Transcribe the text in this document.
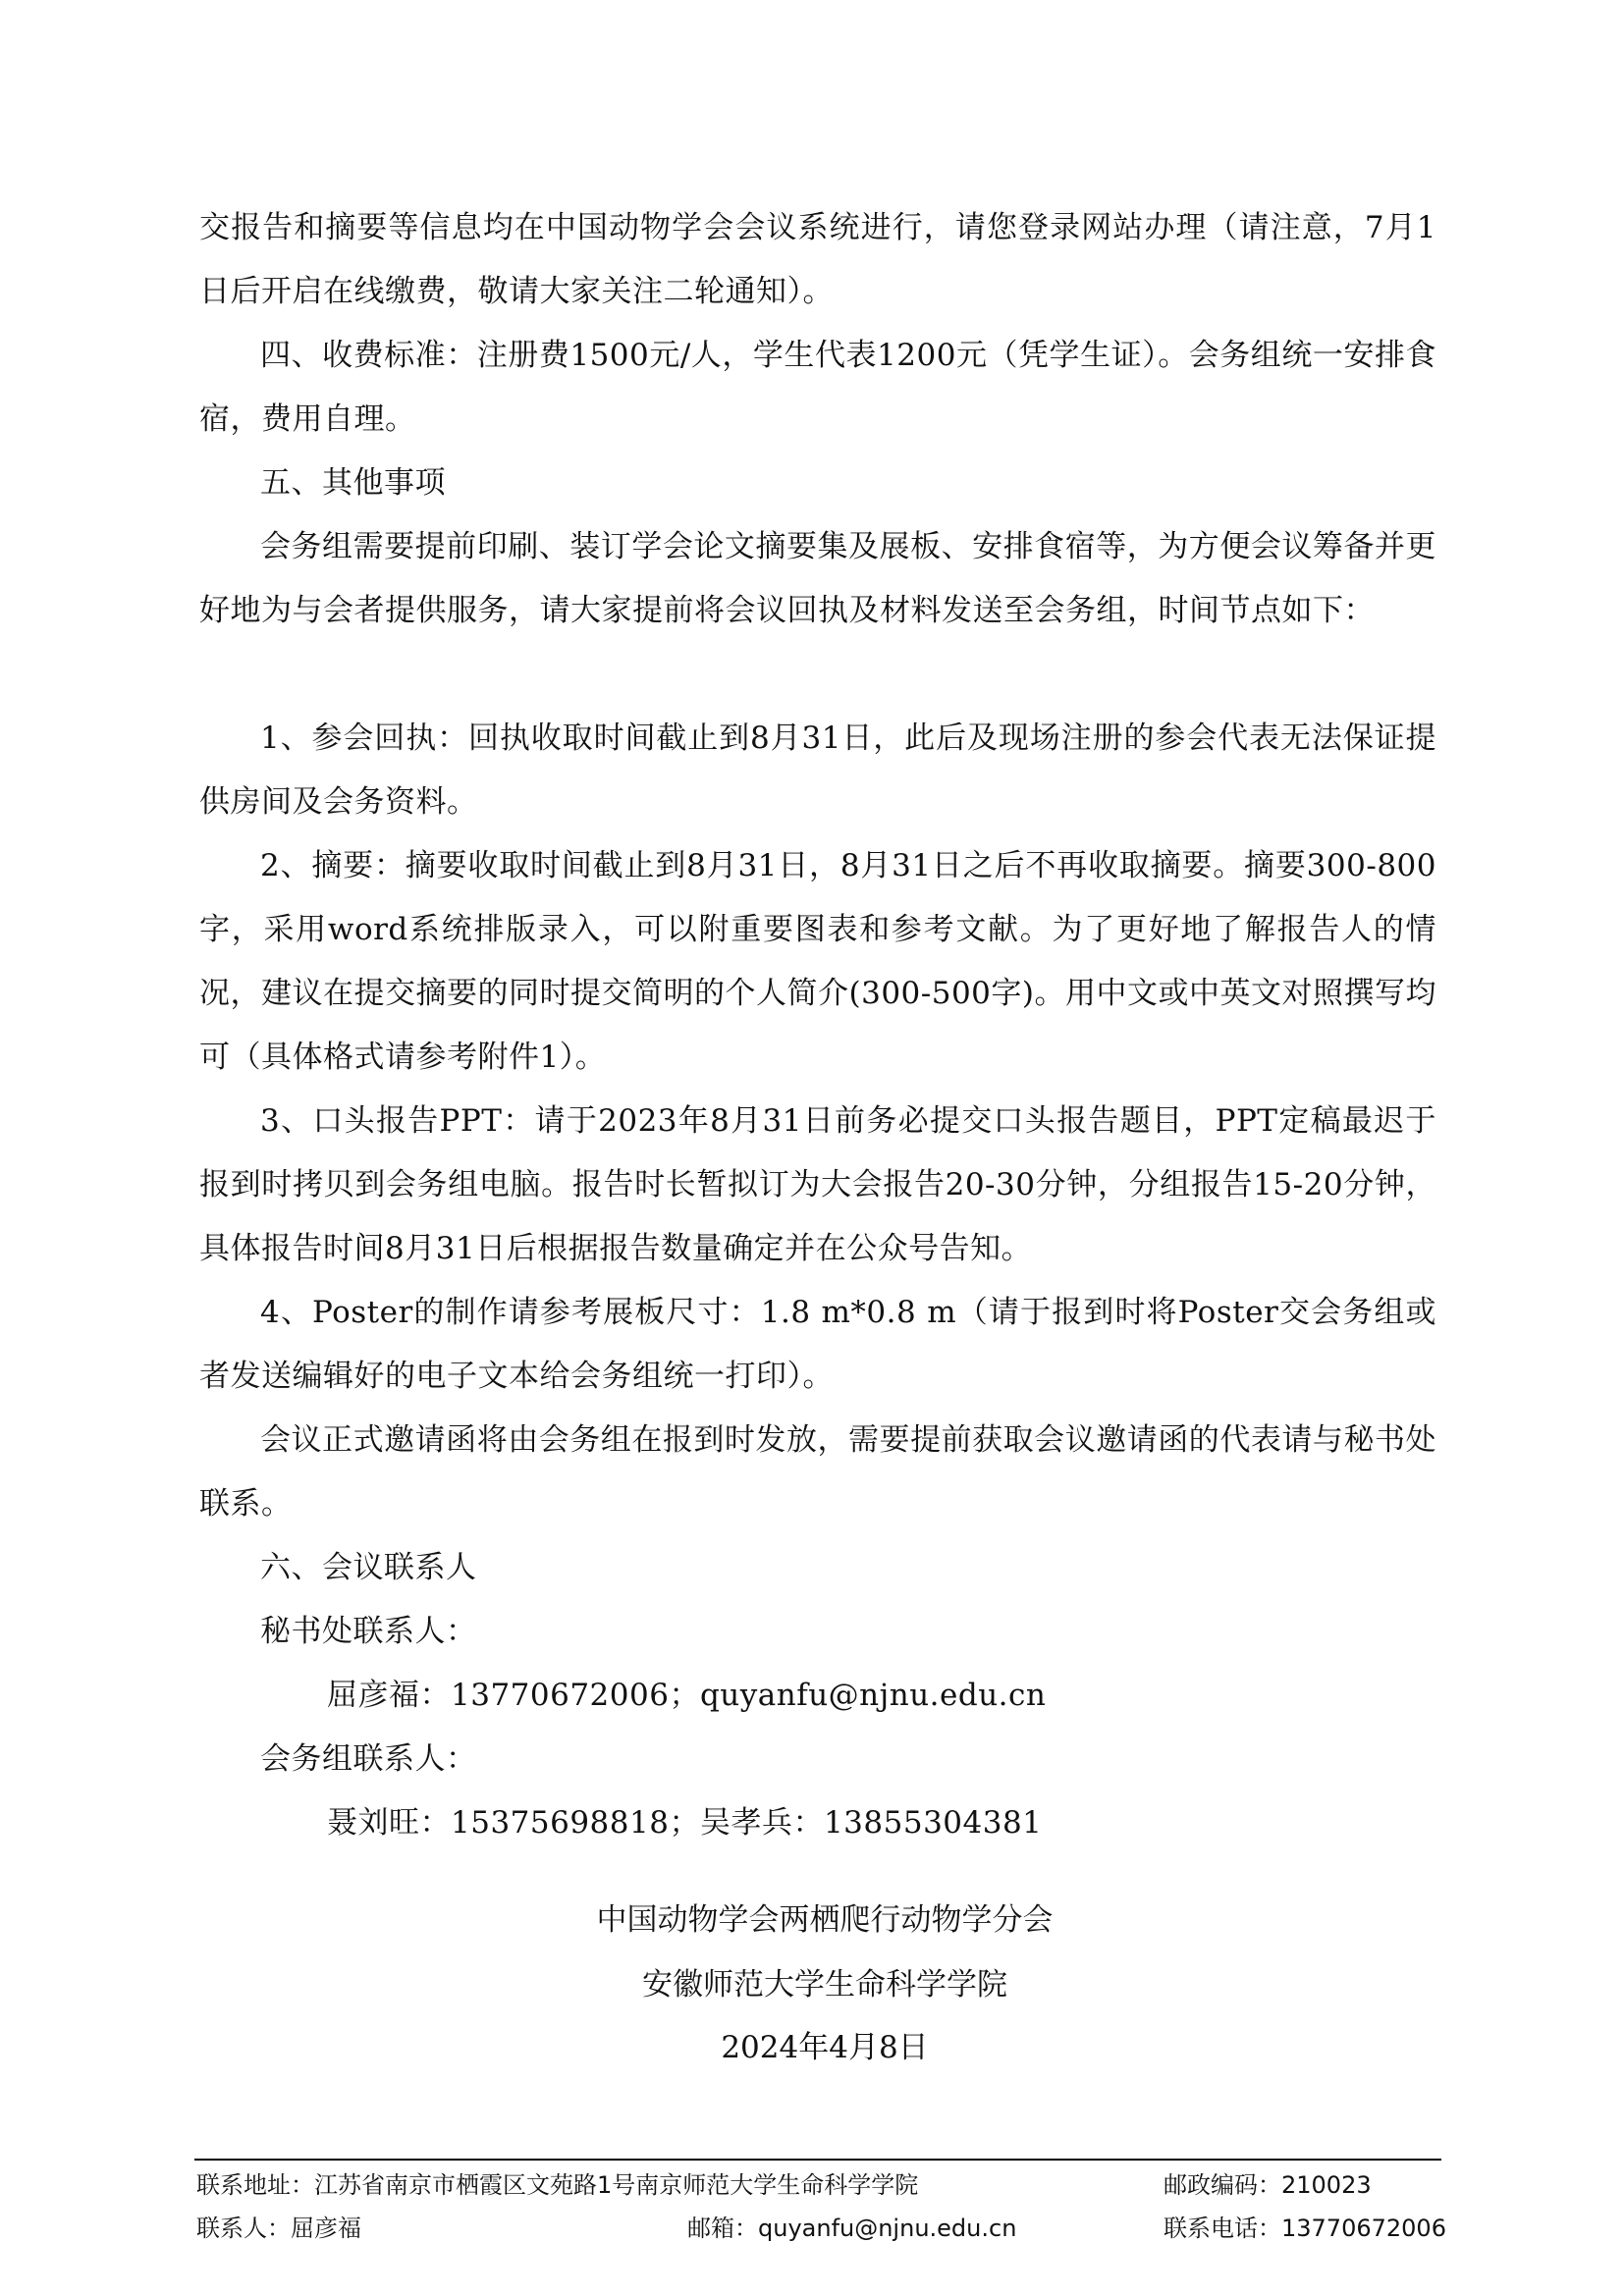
交报告和摘要等信息均在中国动物学会会议系统进行，请您登录网站办理（请注意，7月1日后开启在线缴费，敬请大家关注二轮通知）。

四、收费标准：注册费1500元/人，学生代表1200元（凭学生证）。会务组统一安排食宿，费用自理。

五、其他事项

会务组需要提前印刷、装订学会论文摘要集及展板、安排食宿等，为方便会议筹备并更好地为与会者提供服务，请大家提前将会议回执及材料发送至会务组，时间节点如下：

1、参会回执：回执收取时间截止到8月31日，此后及现场注册的参会代表无法保证提供房间及会务资料。

2、摘要：摘要收取时间截止到8月31日，8月31日之后不再收取摘要。摘要300-800字，采用word系统排版录入，可以附重要图表和参考文献。为了更好地了解报告人的情况，建议在提交摘要的同时提交简明的个人简介(300-500字)。用中文或中英文对照撰写均可（具体格式请参考附件1）。

3、口头报告PPT：请于2023年8月31日前务必提交口头报告题目，PPT定稿最迟于报到时拷贝到会务组电脑。报告时长暂拟订为大会报告20-30分钟，分组报告15-20分钟，具体报告时间8月31日后根据报告数量确定并在公众号告知。

4、Poster的制作请参考展板尺寸：1.8 m*0.8 m（请于报到时将Poster交会务组或者发送编辑好的电子文本给会务组统一打印）。

会议正式邀请函将由会务组在报到时发放，需要提前获取会议邀请函的代表请与秘书处联系。

六、会议联系人

秘书处联系人：

屈彦福：13770672006；quyanfu@njnu.edu.cn

会务组联系人：

聂刘旺：15375698818；吴孝兵：13855304381

中国动物学会两栖爬行动物学分会

安徽师范大学生命科学学院

2024年4月8日

联系地址：江苏省南京市栖霞区文苑路1号南京师范大学生命科学学院	邮政编码：210023

联系人：屈彦福	邮箱：quyanfu@njnu.edu.cn	联系电话：13770672006
